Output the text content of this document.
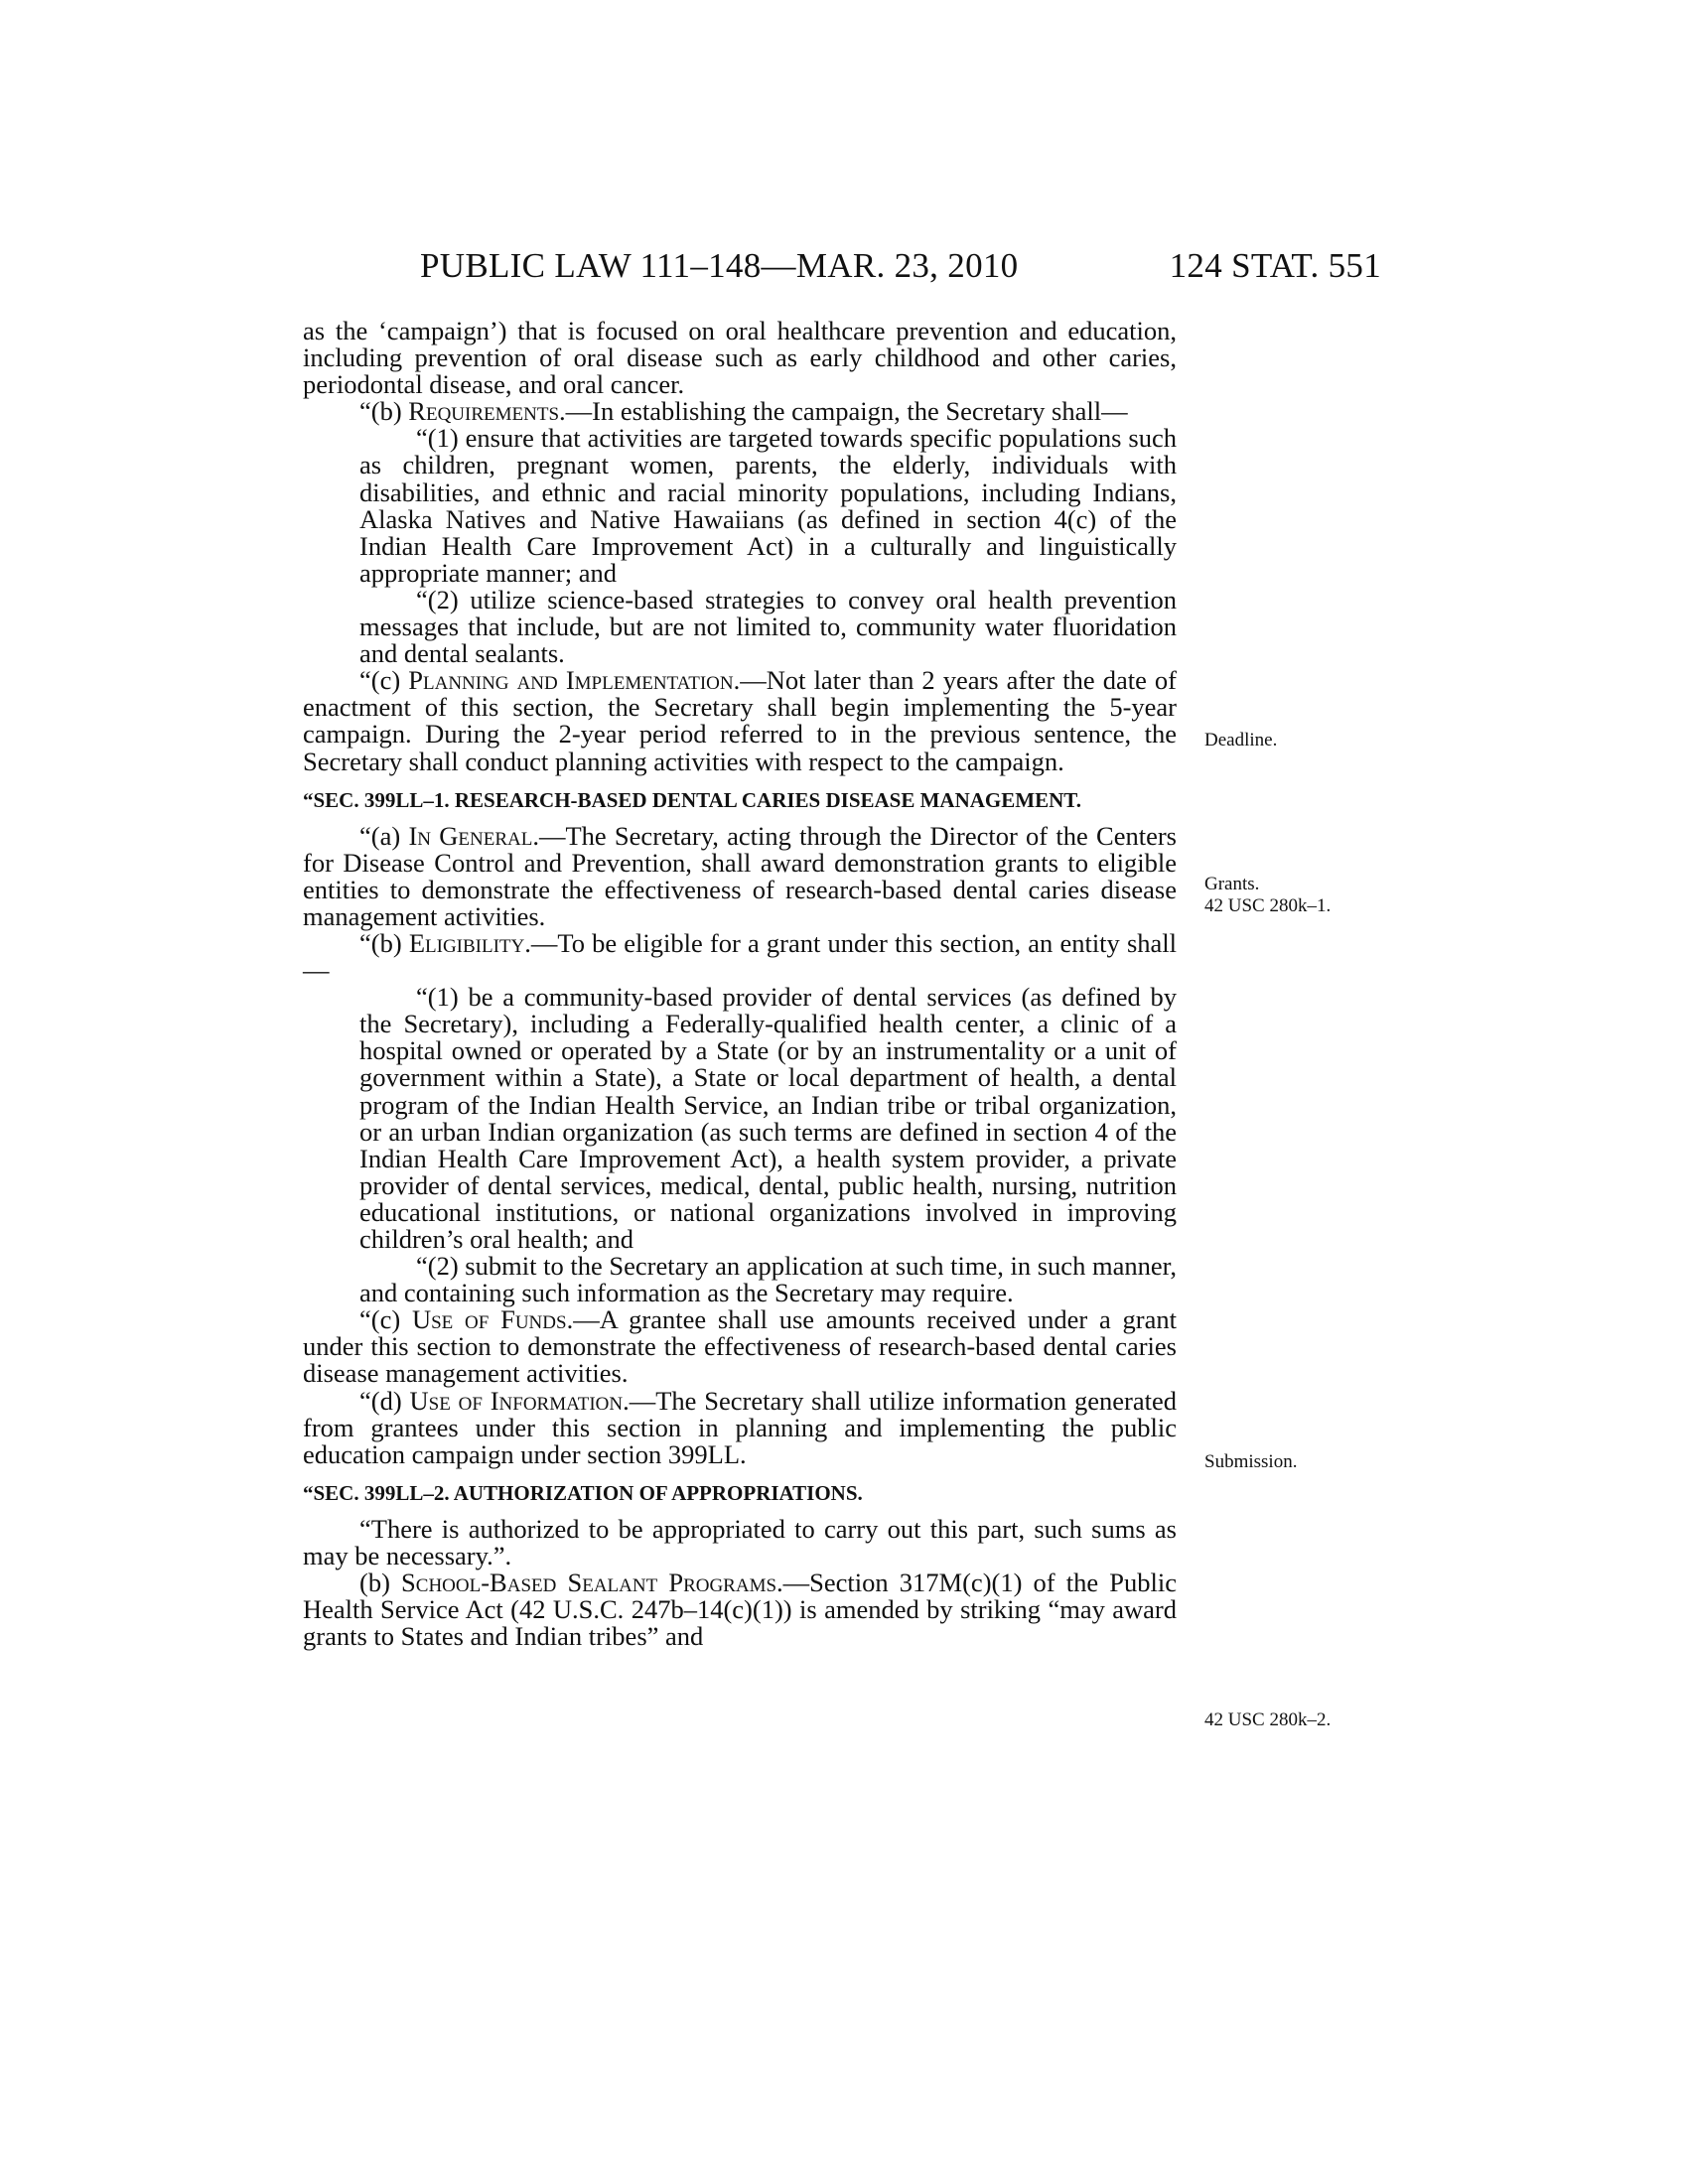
PUBLIC LAW 111–148—MAR. 23, 2010	124 STAT. 551

as the ‘campaign’) that is focused on oral healthcare prevention and education, including prevention of oral disease such as early childhood and other caries, periodontal disease, and oral cancer.

“(b) Requirements.—In establishing the campaign, the Secretary shall—

“(1) ensure that activities are targeted towards specific populations such as children, pregnant women, parents, the elderly, individuals with disabilities, and ethnic and racial minority populations, including Indians, Alaska Natives and Native Hawaiians (as defined in section 4(c) of the Indian Health Care Improvement Act) in a culturally and linguistically appropriate manner; and

“(2) utilize science-based strategies to convey oral health prevention messages that include, but are not limited to, community water fluoridation and dental sealants.

“(c) Planning and Implementation.—Not later than 2 years after the date of enactment of this section, the Secretary shall begin implementing the 5-year campaign. During the 2-year period referred to in the previous sentence, the Secretary shall conduct planning activities with respect to the campaign.

“SEC. 399LL–1. RESEARCH-BASED DENTAL CARIES DISEASE MANAGEMENT.

“(a) In General.—The Secretary, acting through the Director of the Centers for Disease Control and Prevention, shall award demonstration grants to eligible entities to demonstrate the effectiveness of research-based dental caries disease management activities.

“(b) Eligibility.—To be eligible for a grant under this section, an entity shall—

“(1) be a community-based provider of dental services (as defined by the Secretary), including a Federally-qualified health center, a clinic of a hospital owned or operated by a State (or by an instrumentality or a unit of government within a State), a State or local department of health, a dental program of the Indian Health Service, an Indian tribe or tribal organization, or an urban Indian organization (as such terms are defined in section 4 of the Indian Health Care Improvement Act), a health system provider, a private provider of dental services, medical, dental, public health, nursing, nutrition educational institutions, or national organizations involved in improving children’s oral health; and

“(2) submit to the Secretary an application at such time, in such manner, and containing such information as the Secretary may require.

“(c) Use of Funds.—A grantee shall use amounts received under a grant under this section to demonstrate the effectiveness of research-based dental caries disease management activities.

“(d) Use of Information.—The Secretary shall utilize information generated from grantees under this section in planning and implementing the public education campaign under section 399LL.

“SEC. 399LL–2. AUTHORIZATION OF APPROPRIATIONS.

“There is authorized to be appropriated to carry out this part, such sums as may be necessary.”.

(b) School-Based Sealant Programs.—Section 317M(c)(1) of the Public Health Service Act (42 U.S.C. 247b–14(c)(1)) is amended by striking “may award grants to States and Indian tribes” and

Deadline.
Grants.
42 USC 280k–1.
Submission.
42 USC 280k–2.
